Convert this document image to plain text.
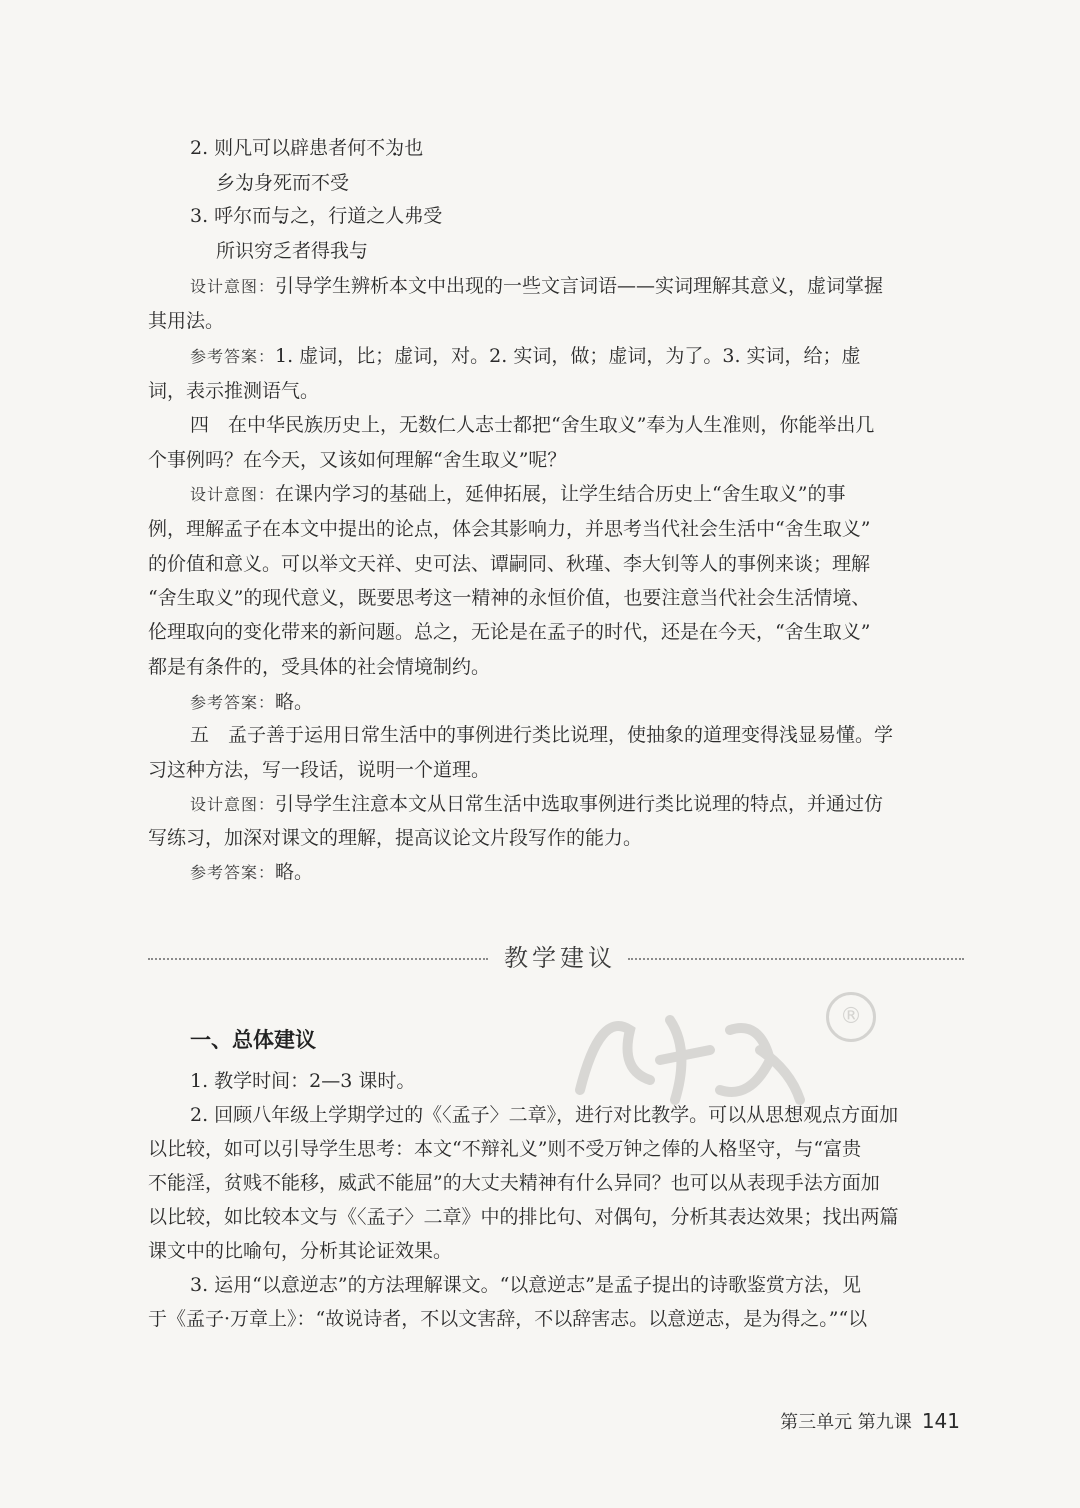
2. 则凡可以辟患者何不为也
乡为身死而不受
3. 呼尔而与之，行道之人弗受
所识穷乏者得我与
设计意图：引导学生辨析本文中出现的一些文言词语——实词理解其意义，虚词掌握
其用法。
参考答案：1. 虚词，比；虚词，对。2. 实词，做；虚词，为了。3. 实词，给；虚
词，表示推测语气。
四　在中华民族历史上，无数仁人志士都把“舍生取义”奉为人生准则，你能举出几
个事例吗？在今天，又该如何理解“舍生取义”呢？
设计意图：在课内学习的基础上，延伸拓展，让学生结合历史上“舍生取义”的事
例，理解孟子在本文中提出的论点，体会其影响力，并思考当代社会生活中“舍生取义”
的价值和意义。可以举文天祥、史可法、谭嗣同、秋瑾、李大钊等人的事例来谈；理解
“舍生取义”的现代意义，既要思考这一精神的永恒价值，也要注意当代社会生活情境、
伦理取向的变化带来的新问题。总之，无论是在孟子的时代，还是在今天，“舍生取义”
都是有条件的，受具体的社会情境制约。
参考答案：略。
五　孟子善于运用日常生活中的事例进行类比说理，使抽象的道理变得浅显易懂。学
习这种方法，写一段话，说明一个道理。
设计意图：引导学生注意本文从日常生活中选取事例进行类比说理的特点，并通过仿
写练习，加深对课文的理解，提高议论文片段写作的能力。
参考答案：略。
教学建议
®
一、总体建议
1. 教学时间：2—3 课时。
2. 回顾八年级上学期学过的《〈孟子〉二章》，进行对比教学。可以从思想观点方面加
以比较，如可以引导学生思考：本文“不辩礼义”则不受万钟之俸的人格坚守，与“富贵
不能淫，贫贱不能移，威武不能屈”的大丈夫精神有什么异同？也可以从表现手法方面加
以比较，如比较本文与《〈孟子〉二章》中的排比句、对偶句，分析其表达效果；找出两篇
课文中的比喻句，分析其论证效果。
3. 运用“以意逆志”的方法理解课文。“以意逆志”是孟子提出的诗歌鉴赏方法，见
于《孟子·万章上》：“故说诗者，不以文害辞，不以辞害志。以意逆志，是为得之。”“以
第三单元 第九课 141
